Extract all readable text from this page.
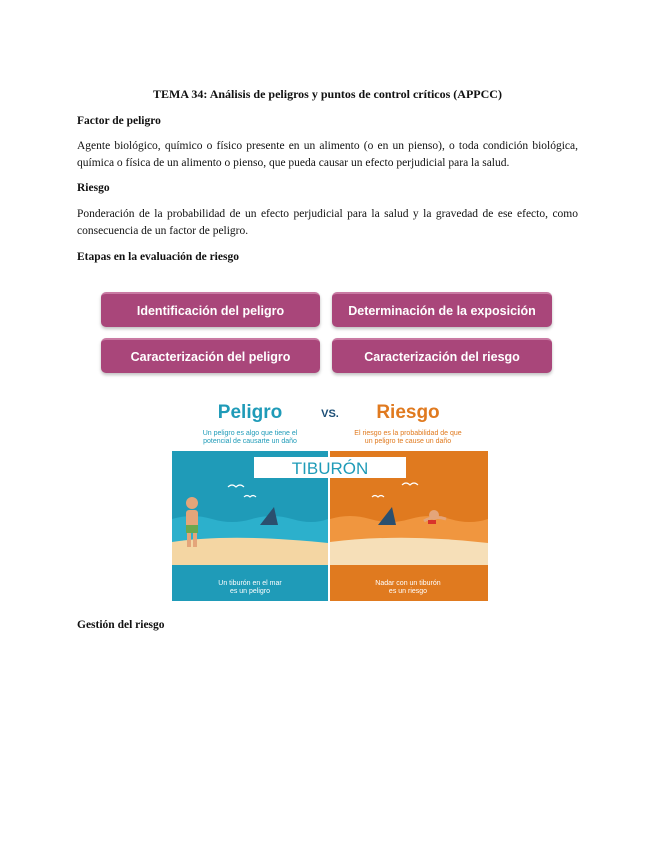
TEMA 34: Análisis de peligros y puntos de control críticos (APPCC)
Factor de peligro
Agente biológico, químico o físico presente en un alimento (o en un pienso), o toda condición biológica, química o física de un alimento o pienso, que pueda causar un efecto perjudicial para la salud.
Riesgo
Ponderación de la probabilidad de un efecto perjudicial para la salud y la gravedad de ese efecto, como consecuencia de un factor de peligro.
Etapas en la evaluación de riesgo
Identificación del peligro	Determinación de la exposición
Caracterización del peligro	Caracterización del riesgo
Peligro	VS. Riesgo
Un peligro es algo que tiene el
potencial de causarte un daño
El riesgo es la probabilidad de que
un peligro te cause un daño
TIBURÓN
Un tiburón en el mar
es un peligro
Nadar con un tiburón
es un riesgo
Gestión del riesgo
